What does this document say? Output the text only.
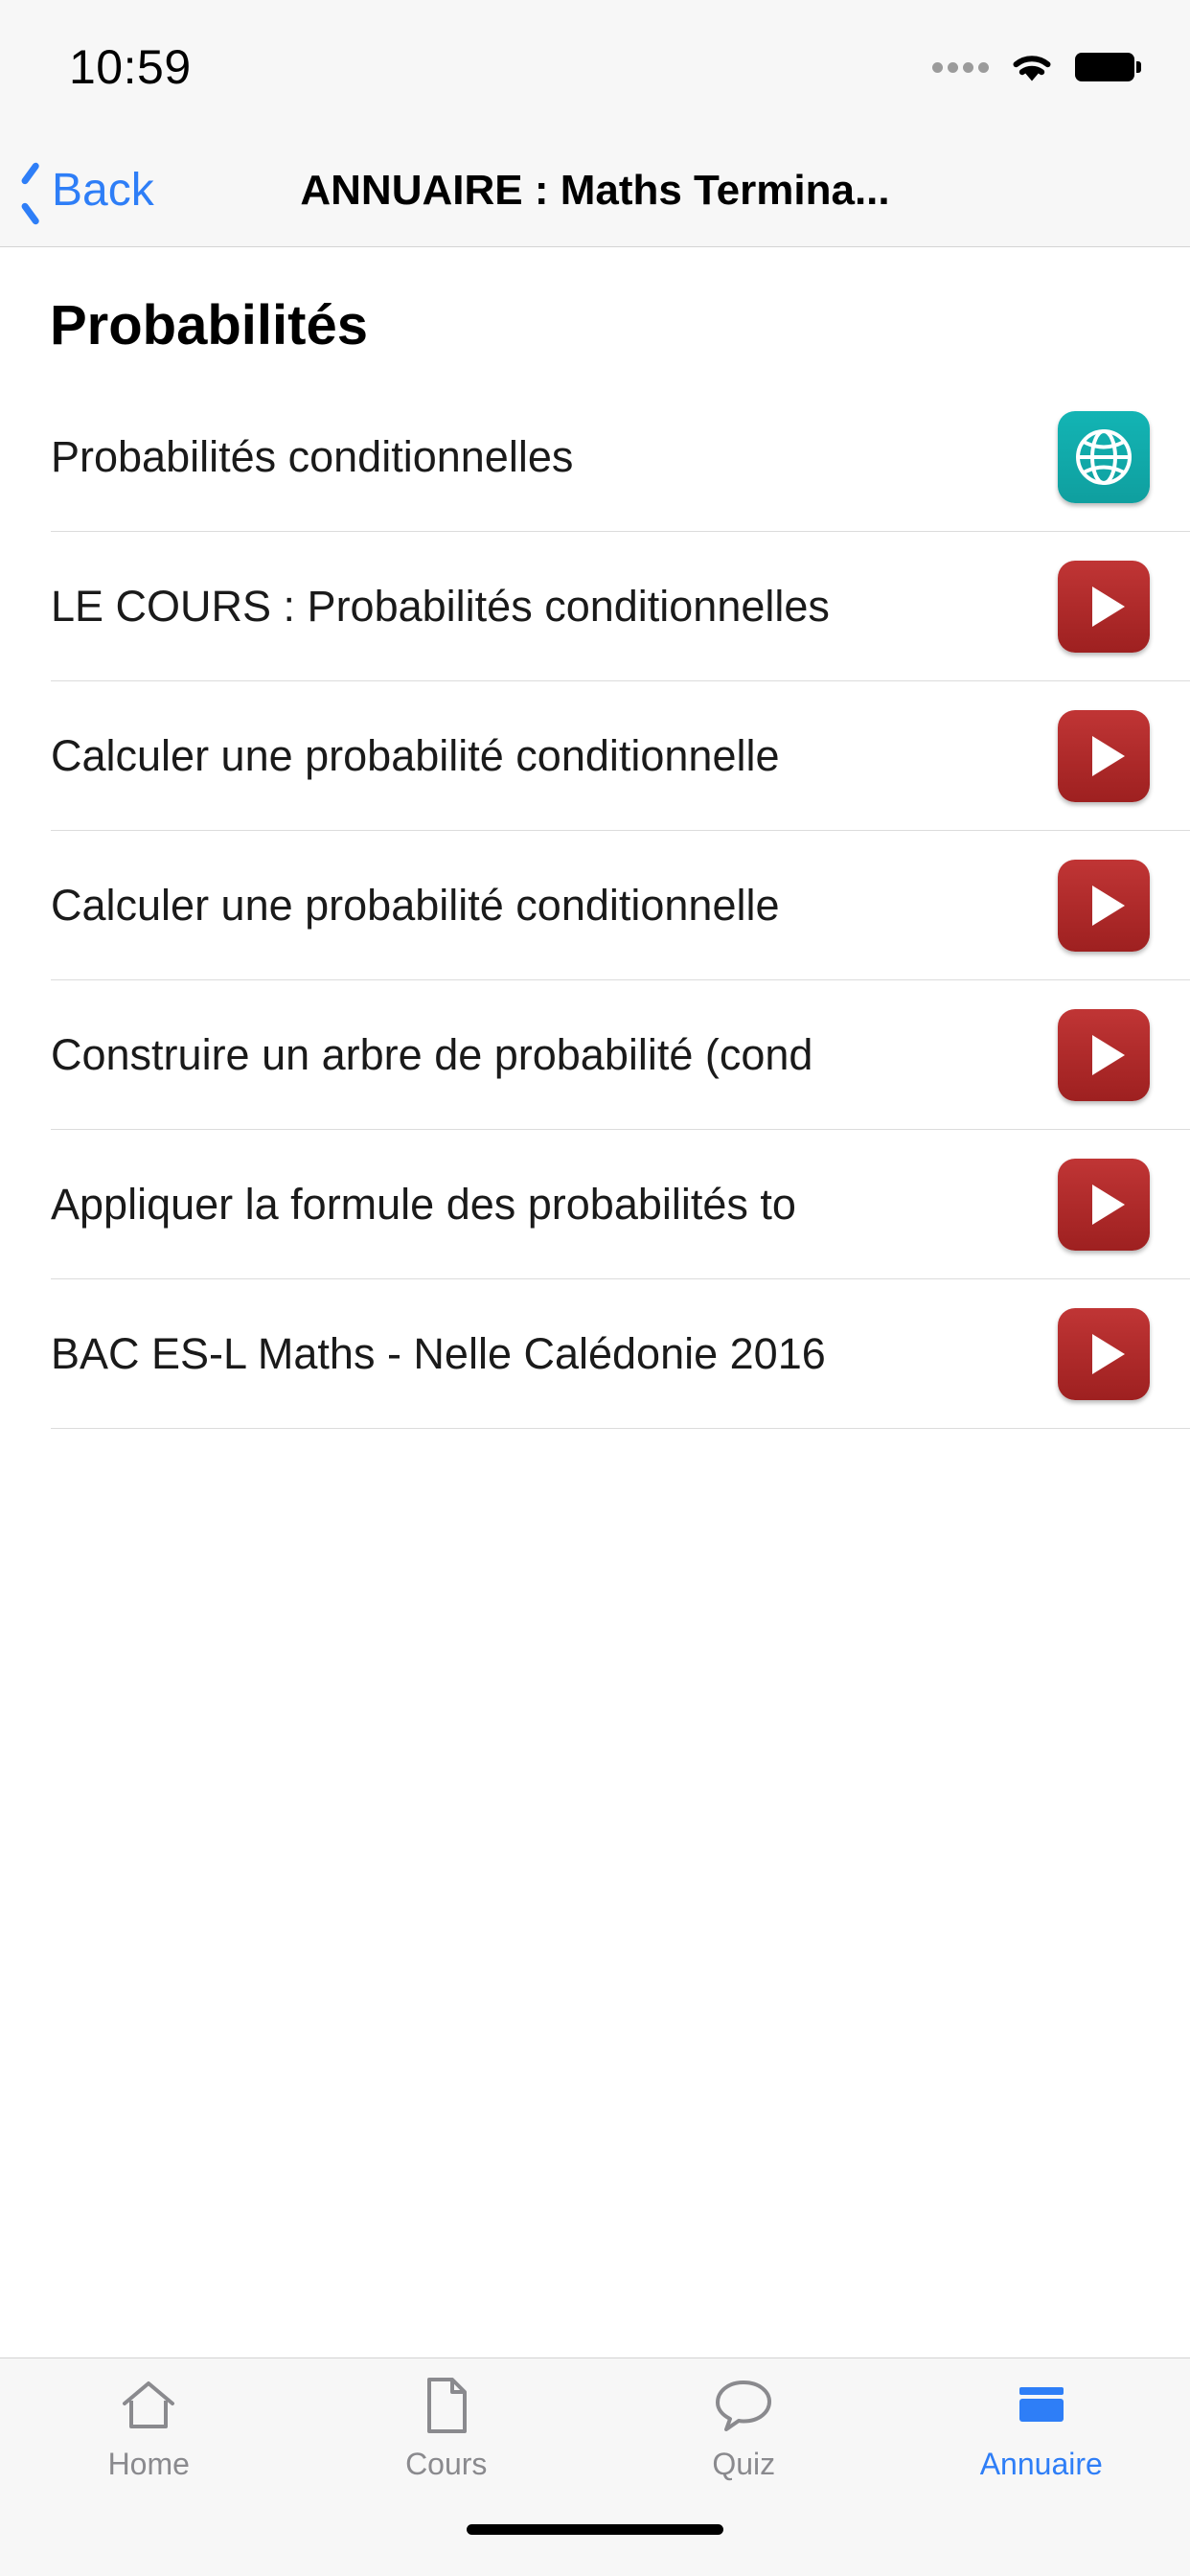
10:59
Back	ANNUAIRE : Maths Termina...
Probabilités
Probabilités conditionnelles
LE COURS : Probabilités conditionnelles
Calculer une probabilité conditionnelle
Calculer une probabilité conditionnelle
Construire un arbre de probabilité (cond
Appliquer la formule des probabilités to
BAC ES-L Maths - Nelle Calédonie 2016
Home	Cours	Quiz	Annuaire
